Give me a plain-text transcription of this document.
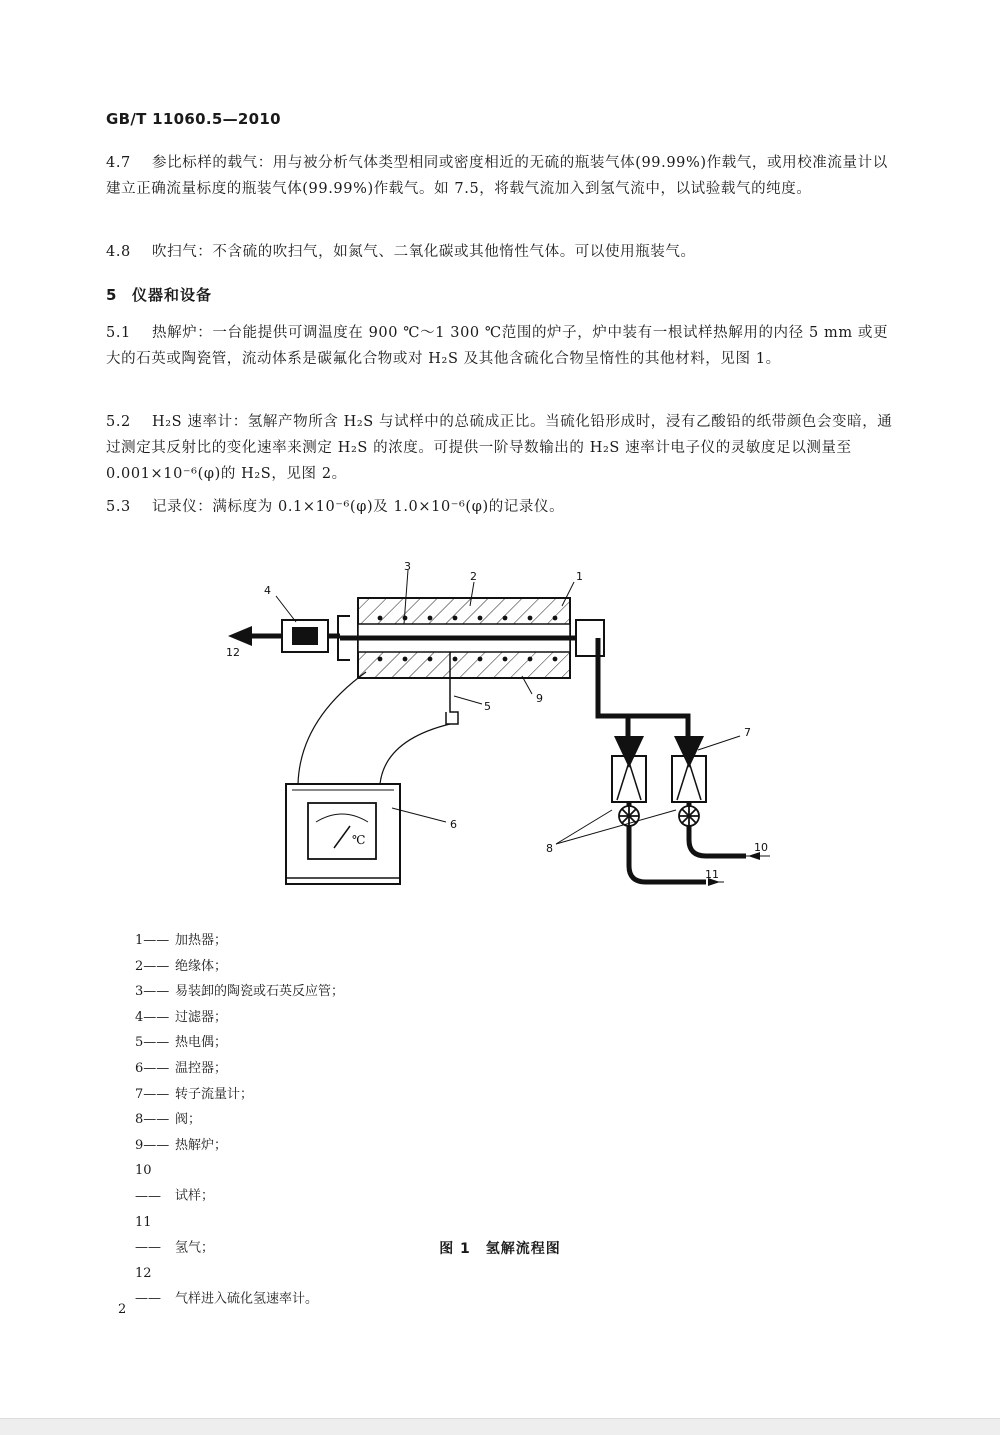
GB/T 11060.5—2010
4.7 参比标样的载气：用与被分析气体类型相同或密度相近的无硫的瓶装气体(99.99%)作载气，或用校准流量计以建立正确流量标度的瓶装气体(99.99%)作载气。如 7.5，将载气流加入到氢气流中，以试验载气的纯度。
4.8 吹扫气：不含硫的吹扫气，如氮气、二氧化碳或其他惰性气体。可以使用瓶装气。
5 仪器和设备
5.1 热解炉：一台能提供可调温度在 900 ℃～1 300 ℃范围的炉子，炉中装有一根试样热解用的内径 5 mm 或更大的石英或陶瓷管，流动体系是碳氟化合物或对 H₂S 及其他含硫化合物呈惰性的其他材料，见图 1。
5.2 H₂S 速率计：氢解产物所含 H₂S 与试样中的总硫成正比。当硫化铅形成时，浸有乙酸铅的纸带颜色会变暗，通过测定其反射比的变化速率来测定 H₂S 的浓度。可提供一阶导数输出的 H₂S 速率计电子仪的灵敏度足以测量至 0.001×10⁻⁶(φ)的 H₂S，见图 2。
5.3 记录仪：满标度为 0.1×10⁻⁶(φ)及 1.0×10⁻⁶(φ)的记录仪。
℃
1
2
3
4
5
6
7
8
9
10
11
12
1—— 加热器；
2—— 绝缘体；
3—— 易装卸的陶瓷或石英反应管；
4—— 过滤器；
5—— 热电偶；
6—— 温控器；
7—— 转子流量计；
8—— 阀；
9—— 热解炉；
10—— 试样；
11—— 氢气；
12—— 气样进入硫化氢速率计。
图 1　氢解流程图
2
